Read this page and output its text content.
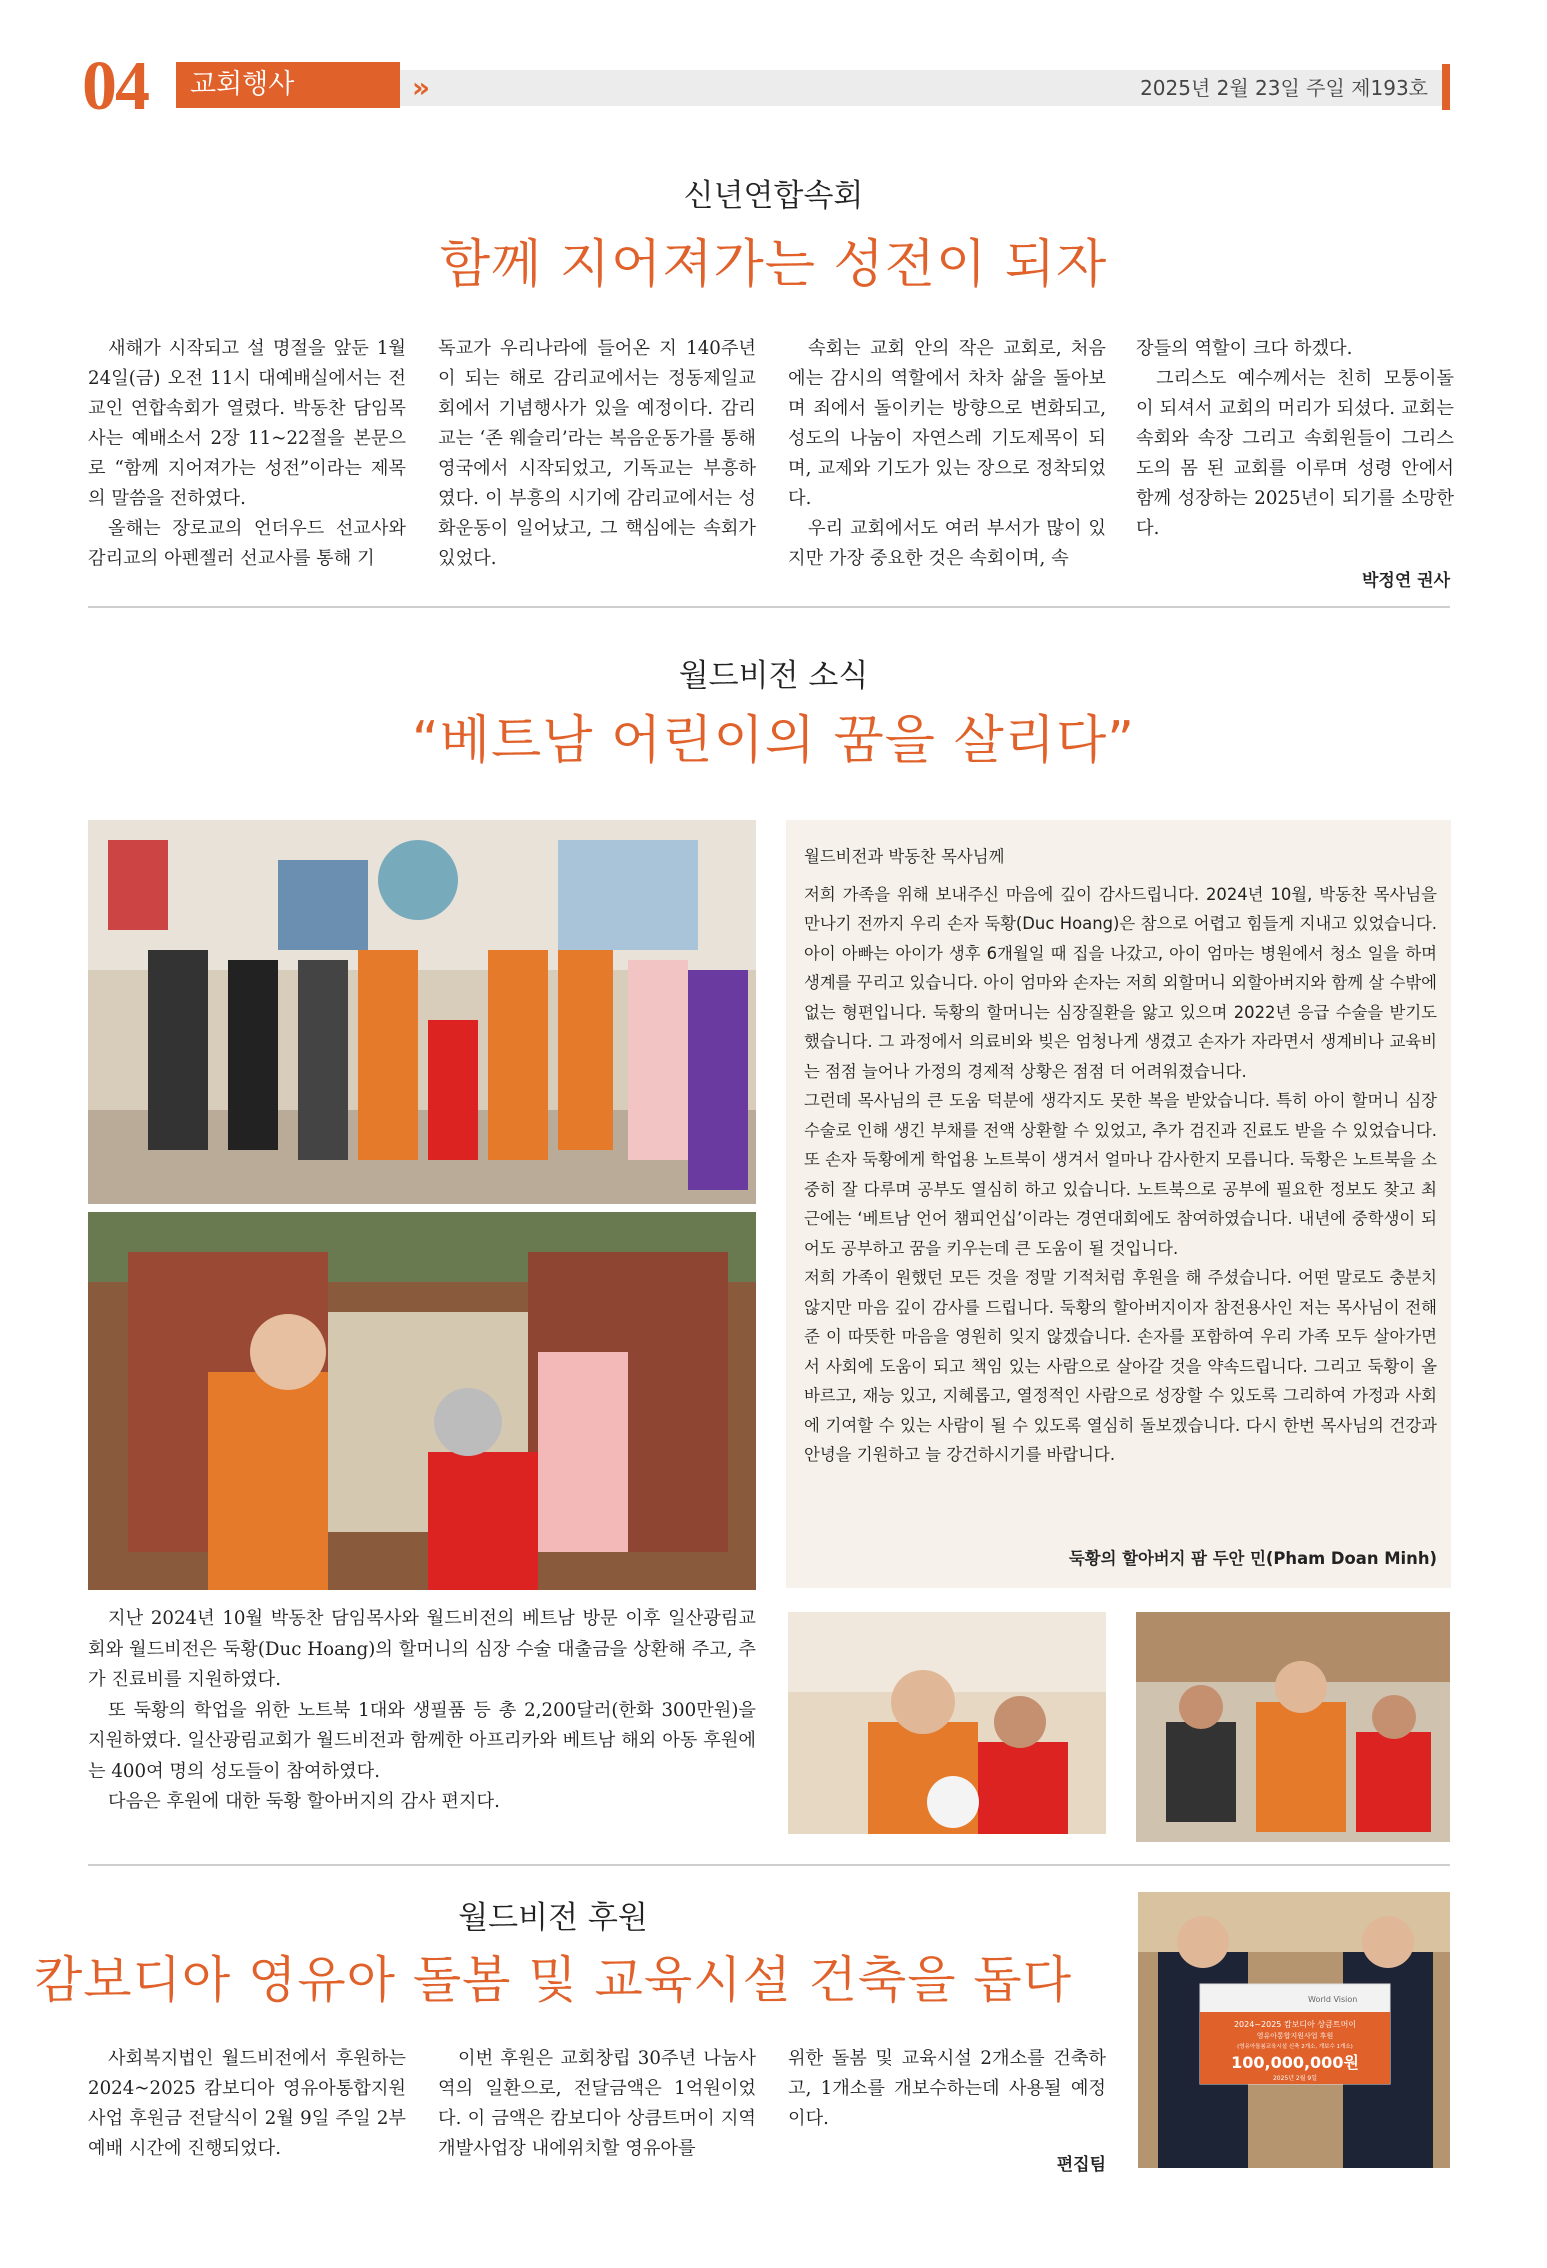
04	교회행사	»	2025년 2월 23일 주일 제193호
신년연합속회
함께 지어져가는 성전이 되자

새해가 시작되고 설 명절을 앞둔 1월 24일(금) 오전 11시 대예배실에서는 전교인 연합속회가 열렸다. 박동찬 담임목사는 예배소서 2장 11~22절을 본문으로 “함께 지어져가는 성전”이라는 제목의 말씀을 전하였다.

올해는 장로교의 언더우드 선교사와 감리교의 아펜젤러 선교사를 통해 기

독교가 우리나라에 들어온 지 140주년이 되는 해로 감리교에서는 정동제일교회에서 기념행사가 있을 예정이다. 감리교는 ‘존 웨슬리’라는 복음운동가를 통해 영국에서 시작되었고, 기독교는 부흥하였다. 이 부흥의 시기에 감리교에서는 성화운동이 일어났고, 그 핵심에는 속회가 있었다.

속회는 교회 안의 작은 교회로, 처음에는 감시의 역할에서 차차 삶을 돌아보며 죄에서 돌이키는 방향으로 변화되고, 성도의 나눔이 자연스레 기도제목이 되며, 교제와 기도가 있는 장으로 정착되었다.

우리 교회에서도 여러 부서가 많이 있지만 가장 중요한 것은 속회이며, 속

장들의 역할이 크다 하겠다.

그리스도 예수께서는 친히 모퉁이돌이 되셔서 교회의 머리가 되셨다. 교회는 속회와 속장 그리고 속회원들이 그리스도의 몸 된 교회를 이루며 성령 안에서 함께 성장하는 2025년이 되기를 소망한다.

박정연 권사
월드비전 소식
“베트남 어린이의 꿈을 살리다”
월드비전과 박동찬 목사님께
저희 가족을 위해 보내주신 마음에 깊이 감사드립니다. 2024년 10월, 박동찬 목사님을 만나기 전까지 우리 손자 둑황(Duc Hoang)은 참으로 어렵고 힘들게 지내고 있었습니다. 아이 아빠는 아이가 생후 6개월일 때 집을 나갔고, 아이 엄마는 병원에서 청소 일을 하며 생계를 꾸리고 있습니다. 아이 엄마와 손자는 저희 외할머니 외할아버지와 함께 살 수밖에 없는 형편입니다. 둑황의 할머니는 심장질환을 앓고 있으며 2022년 응급 수술을 받기도 했습니다. 그 과정에서 의료비와 빚은 엄청나게 생겼고 손자가 자라면서 생계비나 교육비는 점점 늘어나 가정의 경제적 상황은 점점 더 어려워졌습니다.
그런데 목사님의 큰 도움 덕분에 생각지도 못한 복을 받았습니다. 특히 아이 할머니 심장 수술로 인해 생긴 부채를 전액 상환할 수 있었고, 추가 검진과 진료도 받을 수 있었습니다. 또 손자 둑황에게 학업용 노트북이 생겨서 얼마나 감사한지 모릅니다. 둑황은 노트북을 소중히 잘 다루며 공부도 열심히 하고 있습니다. 노트북으로 공부에 필요한 정보도 찾고 최근에는 ‘베트남 언어 챔피언십’이라는 경연대회에도 참여하였습니다. 내년에 중학생이 되어도 공부하고 꿈을 키우는데 큰 도움이 될 것입니다.
저희 가족이 원했던 모든 것을 정말 기적처럼 후원을 해 주셨습니다. 어떤 말로도 충분치 않지만 마음 깊이 감사를 드립니다. 둑황의 할아버지이자 참전용사인 저는 목사님이 전해준 이 따뜻한 마음을 영원히 잊지 않겠습니다. 손자를 포함하여 우리 가족 모두 살아가면서 사회에 도움이 되고 책임 있는 사람으로 살아갈 것을 약속드립니다. 그리고 둑황이 올바르고, 재능 있고, 지혜롭고, 열정적인 사람으로 성장할 수 있도록 그리하여 가정과 사회에 기여할 수 있는 사람이 될 수 있도록 열심히 돌보겠습니다. 다시 한번 목사님의 건강과 안녕을 기원하고 늘 강건하시기를 바랍니다.
둑황의 할아버지 팜 두안 민(Pham Doan Minh)

지난 2024년 10월 박동찬 담임목사와 월드비전의 베트남 방문 이후 일산광림교회와 월드비전은 둑황(Duc Hoang)의 할머니의 심장 수술 대출금을 상환해 주고, 추가 진료비를 지원하였다.

또 둑황의 학업을 위한 노트북 1대와 생필품 등 총 2,200달러(한화 300만원)을 지원하였다. 일산광림교회가 월드비전과 함께한 아프리카와 베트남 해외 아동 후원에는 400여 명의 성도들이 참여하였다.

다음은 후원에 대한 둑황 할아버지의 감사 편지다.

월드비전 후원
캄보디아 영유아 돌봄 및 교육시설 건축을 돕다

사회복지법인 월드비전에서 후원하는 2024~2025 캄보디아 영유아통합지원사업 후원금 전달식이 2월 9일 주일 2부 예배 시간에 진행되었다.

이번 후원은 교회창립 30주년 나눔사역의 일환으로, 전달금액은 1억원이었다. 이 금액은 캄보디아 상큼트머이 지역개발사업장 내에위치할 영유아를

위한 돌봄 및 교육시설 2개소를 건축하고, 1개소를 개보수하는데 사용될 예정이다.

편집팀
World Vision
2024~2025 캄보디아 상큼트머이
영유아통합지원사업 후원
(영유아돌봄교육시설 신축 2개소, 개보수 1개소)
100,000,000원
2025년 2월 9일
